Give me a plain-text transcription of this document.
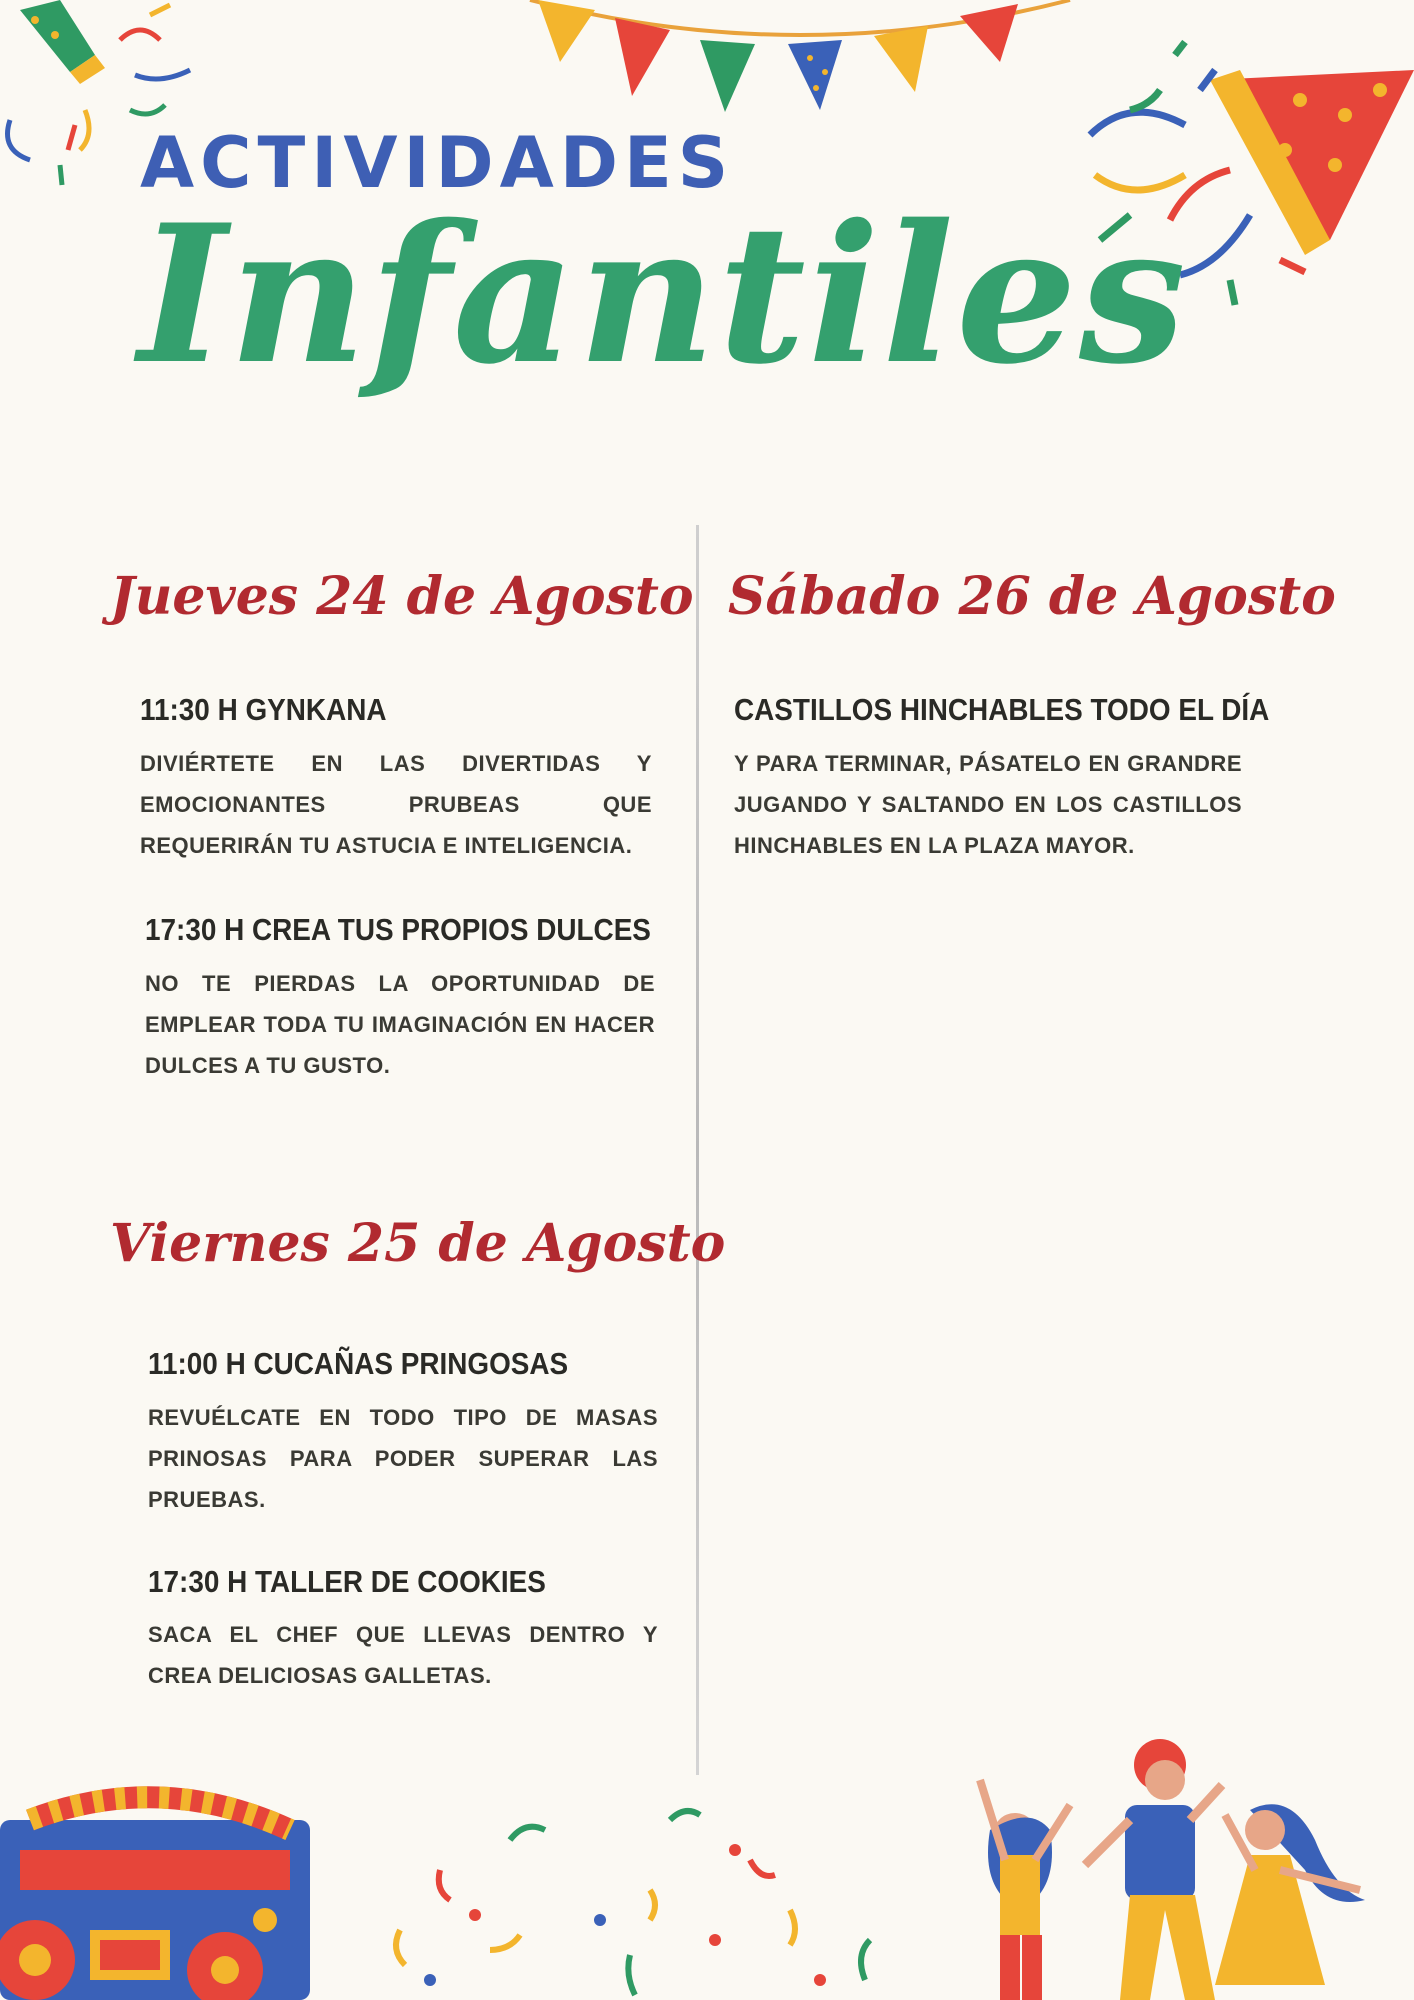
ACTIVIDADES
Infantiles
Jueves 24 de Agosto
11:30 H GYNKANA

DIVIÉRTETE EN LAS DIVERTIDAS Y EMOCIONANTES PRUBEAS QUE REQUERIRÁN TU ASTUCIA E INTELIGENCIA.

17:30 H CREA TUS PROPIOS DULCES

NO TE PIERDAS LA OPORTUNIDAD DE EMPLEAR TODA TU IMAGINACIÓN EN HACER DULCES A TU GUSTO.

Viernes 25 de Agosto
11:00 H CUCAÑAS PRINGOSAS

REVUÉLCATE EN TODO TIPO DE MASAS PRINOSAS PARA PODER SUPERAR LAS PRUEBAS.

17:30 H TALLER DE COOKIES

SACA EL CHEF QUE LLEVAS DENTRO Y CREA DELICIOSAS GALLETAS.

Sábado 26 de Agosto
CASTILLOS HINCHABLES TODO EL DÍA

Y PARA TERMINAR, PÁSATELO EN GRANDRE JUGANDO Y SALTANDO EN LOS CASTILLOS HINCHABLES EN LA PLAZA MAYOR.
